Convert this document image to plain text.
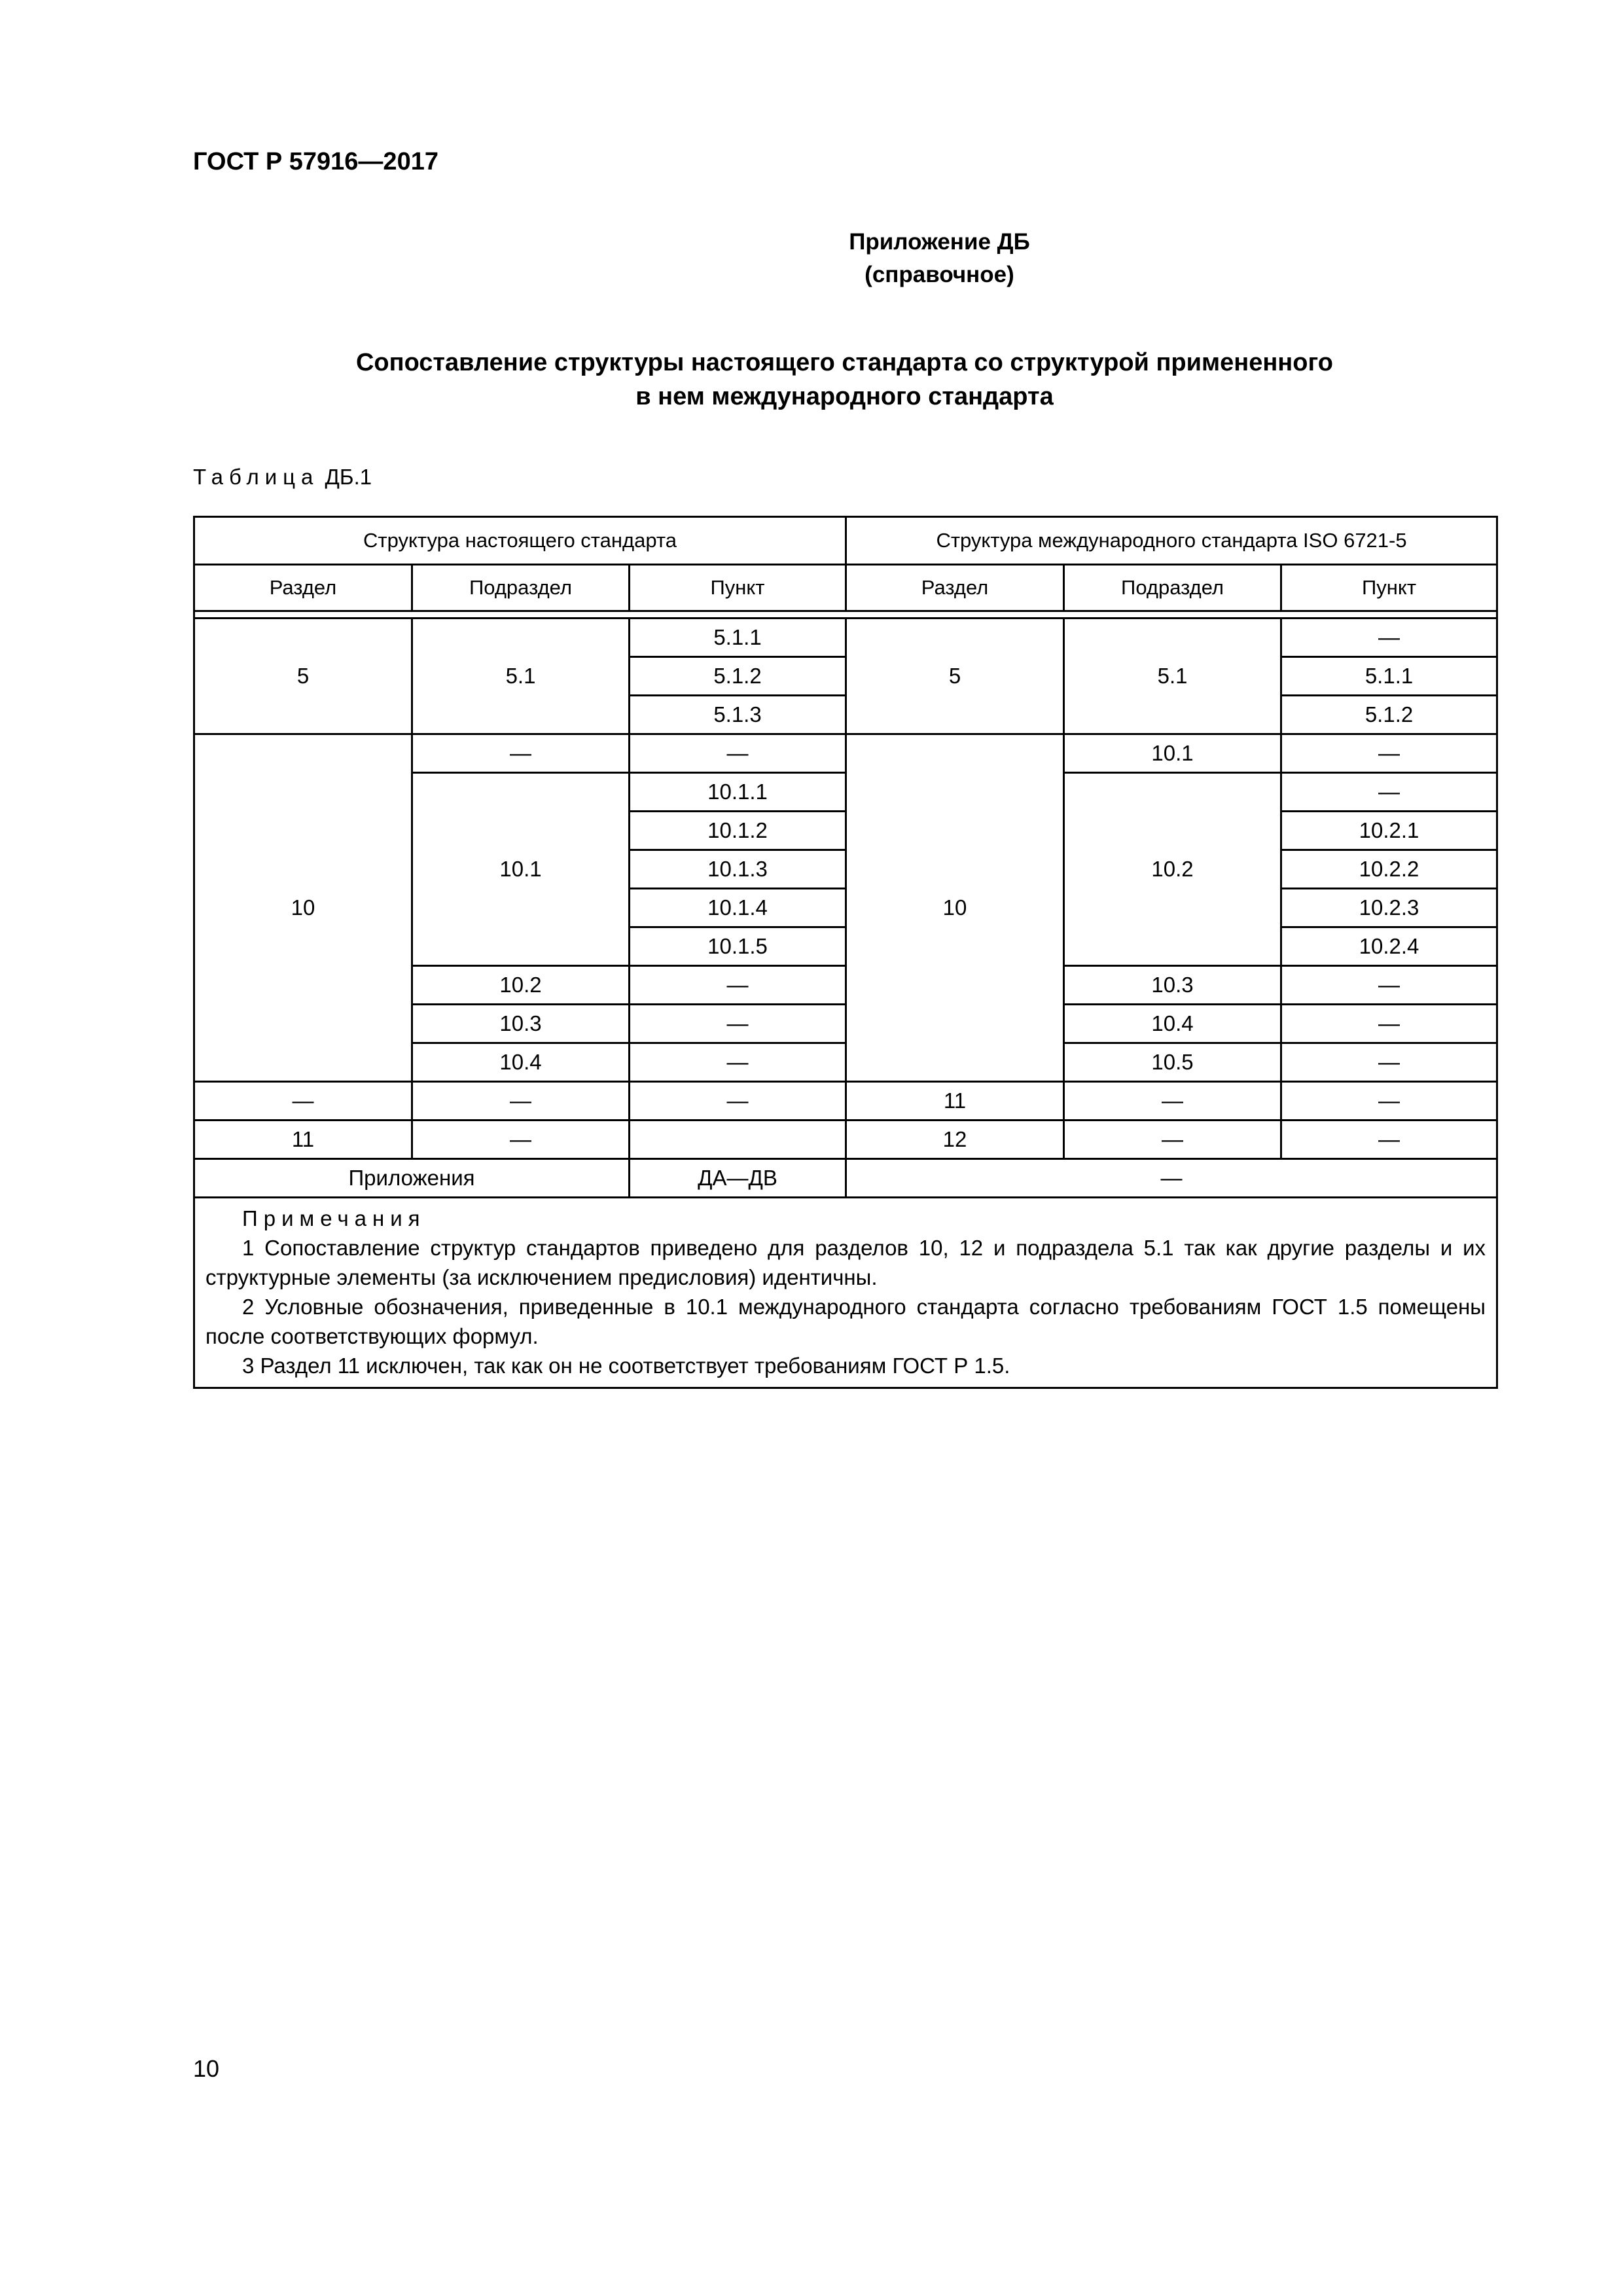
ГОСТ Р 57916—2017
Приложение ДБ
(справочное)
Сопоставление структуры настоящего стандарта со структурой примененного
в нем международного стандарта
Таблица ДБ.1
Структура настоящего стандарта			Структура международного стандарта ISO 6721-5		
Раздел	Подраздел	Пункт	Раздел	Подраздел	Пункт

5	5.1	5.1.1	5	5.1	—
		5.1.2			5.1.1
		5.1.3			5.1.2
10	—	—	10	10.1	—
	10.1	10.1.1		10.2	—
		10.1.2			10.2.1
		10.1.3			10.2.2
		10.1.4			10.2.3
		10.1.5			10.2.4
	10.2	—		10.3	—
	10.3	—		10.4	—
	10.4	—		10.5	—
—	—	—	11	—	—
11	—		12	—	—
Приложения		ДА—ДВ	—		

Примечания

1 Сопоставление структур стандартов приведено для разделов 10, 12 и подраздела 5.1 так как другие разделы и их структурные элементы (за исключением предисловия) идентичны.

2 Условные обозначения, приведенные в 10.1 международного стандарта согласно требованиям ГОСТ 1.5 помещены после соответствующих формул.

3 Раздел 11 исключен, так как он не соответствует требованиям ГОСТ Р 1.5.					

10
